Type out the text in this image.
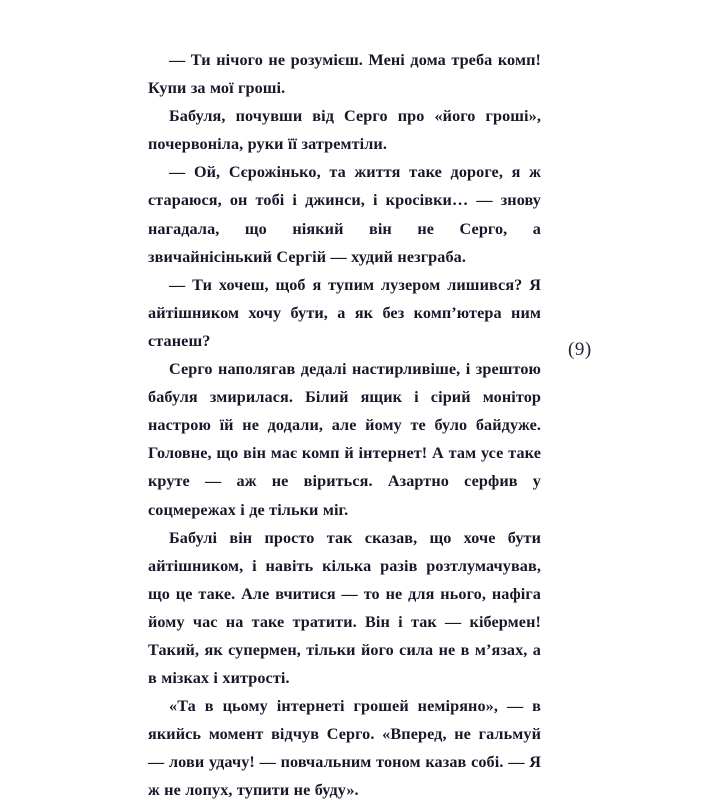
— Ти нічого не розумієш. Мені дома треба комп! Купи за мої гроші.

Бабуля, почувши від Серго про «його гроші», почервоніла, руки її затремтіли.

— Ой, Сєрожінько, та життя таке дороге, я ж стараюся, он тобі і джинси, і кросівки… — знову нагадала, що ніякий він не Серго, а звичайнісінький Сергій — худий незграба.

— Ти хочеш, щоб я тупим лузером лишився? Я айтішником хочу бути, а як без комп’ютера ним станеш?

Серго наполягав дедалі настирливіше, і зрештою бабуля змирилася. Білий ящик і сірий монітор настрою їй не додали, але йому те було байдуже. Головне, що він має комп й інтернет! А там усе таке круте — аж не віриться. Азартно серфив у соцмережах і де тільки міг.

Бабулі він просто так сказав, що хоче бути айтішником, і навіть кілька разів розтлумачував, що це таке. Але вчитися — то не для нього, нафіга йому час на таке тратити. Він і так — кібермен! Такий, як супермен, тільки його сила не в м’язах, а в мізках і хитрості.

«Та в цьому інтернеті грошей неміряно», — в якийсь момент відчув Серго. «Вперед, не гальмуй — лови удачу! — повчальним тоном казав собі. — Я ж не лопух, тупити не буду».

(9)
